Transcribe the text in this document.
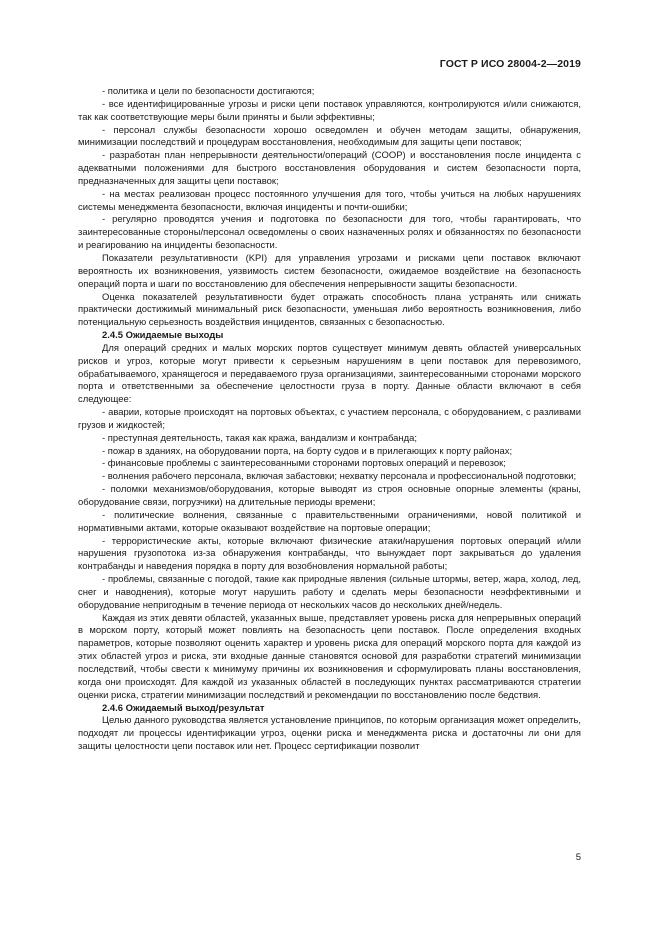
ГОСТ Р ИСО 28004-2—2019

- политика и цели по безопасности достигаются;

- все идентифицированные угрозы и риски цепи поставок управляются, контролируются и/или снижаются, так как соответствующие меры были приняты и были эффективны;

- персонал службы безопасности хорошо осведомлен и обучен методам защиты, обнаружения, минимизации последствий и процедурам восстановления, необходимым для защиты цепи поставок;

- разработан план непрерывности деятельности/операций (COOP) и восстановления после инцидента с адекватными положениями для быстрого восстановления оборудования и систем безопасности порта, предназначенных для защиты цепи поставок;

- на местах реализован процесс постоянного улучшения для того, чтобы учиться на любых нарушениях системы менеджмента безопасности, включая инциденты и почти-ошибки;

- регулярно проводятся учения и подготовка по безопасности для того, чтобы гарантировать, что заинтересованные стороны/персонал осведомлены о своих назначенных ролях и обязанностях по безопасности и реагированию на инциденты безопасности.

Показатели результативности (KPI) для управления угрозами и рисками цепи поставок включают вероятность их возникновения, уязвимость систем безопасности, ожидаемое воздействие на безопасность операций порта и шаги по восстановлению для обеспечения непрерывности защиты безопасности.

Оценка показателей результативности будет отражать способность плана устранять или снижать практически достижимый минимальный риск безопасности, уменьшая либо вероятность возникновения, либо потенциальную серьезность воздействия инцидентов, связанных с безопасностью.

2.4.5 Ожидаемые выходы

Для операций средних и малых морских портов существует минимум девять областей универсальных рисков и угроз, которые могут привести к серьезным нарушениям в цепи поставок для перевозимого, обрабатываемого, хранящегося и передаваемого груза организациями, заинтересованными сторонами морского порта и ответственными за обеспечение целостности груза в порту. Данные области включают в себя следующее:

- аварии, которые происходят на портовых объектах, с участием персонала, с оборудованием, с разливами грузов и жидкостей;

- преступная деятельность, такая как кража, вандализм и контрабанда;

- пожар в зданиях, на оборудовании порта, на борту судов и в прилегающих к порту районах;

- финансовые проблемы с заинтересованными сторонами портовых операций и перевозок;

- волнения рабочего персонала, включая забастовки; нехватку персонала и профессиональной подготовки;

- поломки механизмов/оборудования, которые выводят из строя основные опорные элементы (краны, оборудование связи, погрузчики) на длительные периоды времени;

- политические волнения, связанные с правительственными ограничениями, новой политикой и нормативными актами, которые оказывают воздействие на портовые операции;

- террористические акты, которые включают физические атаки/нарушения портовых операций и/или нарушения грузопотока из-за обнаружения контрабанды, что вынуждает порт закрываться до удаления контрабанды и наведения порядка в порту для возобновления нормальной работы;

- проблемы, связанные с погодой, такие как природные явления (сильные штормы, ветер, жара, холод, лед, снег и наводнения), которые могут нарушить работу и сделать меры безопасности неэффективными и оборудование непригодным в течение периода от нескольких часов до нескольких дней/недель.

Каждая из этих девяти областей, указанных выше, представляет уровень риска для непрерывных операций в морском порту, который может повлиять на безопасность цепи поставок. После определения входных параметров, которые позволяют оценить характер и уровень риска для операций морского порта для каждой из этих областей угроз и риска, эти входные данные становятся основой для разработки стратегий минимизации последствий, чтобы свести к минимуму причины их возникновения и сформулировать планы восстановления, когда они происходят. Для каждой из указанных областей в последующих пунктах рассматриваются стратегии оценки риска, стратегии минимизации последствий и рекомендации по восстановлению после бедствия.

2.4.6 Ожидаемый выход/результат

Целью данного руководства является установление принципов, по которым организация может определить, подходят ли процессы идентификации угроз, оценки риска и менеджмента риска и достаточны ли они для защиты целостности цепи поставок или нет. Процесс сертификации позволит

5
